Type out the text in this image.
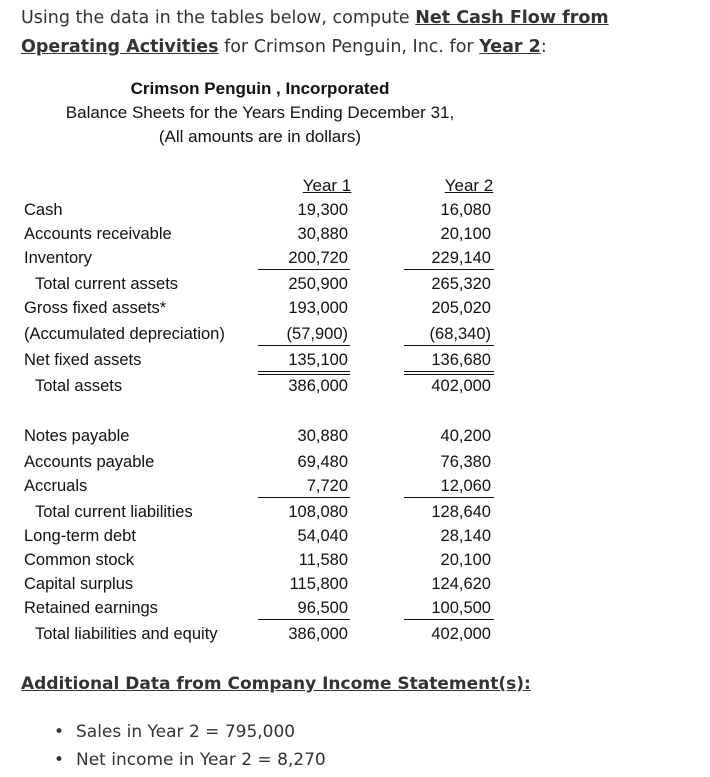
Using the data in the tables below, compute Net Cash Flow from Operating Activities for Crimson Penguin, Inc. for Year 2:
Crimson Penguin , Incorporated
Balance Sheets for the Years Ending December 31,
(All amounts are in dollars)
Year 1	Year 2
Cash	19,300	16,080
Accounts receivable	30,880	20,100
Inventory	200,720	229,140
Total current assets	250,900	265,320
Gross fixed assets*	193,000	205,020
(Accumulated depreciation)	(57,900)	(68,340)
Net fixed assets	135,100	136,680
Total assets	386,000	402,000
Notes payable	30,880	40,200
Accounts payable	69,480	76,380
Accruals	7,720	12,060
Total current liabilities	108,080	128,640
Long-term debt	54,040	28,140
Common stock	11,580	20,100
Capital surplus	115,800	124,620
Retained earnings	96,500	100,500
Total liabilities and equity	386,000	402,000
Additional Data from Company Income Statement(s):
• Sales in Year 2 = 795,000
• Net income in Year 2 = 8,270
